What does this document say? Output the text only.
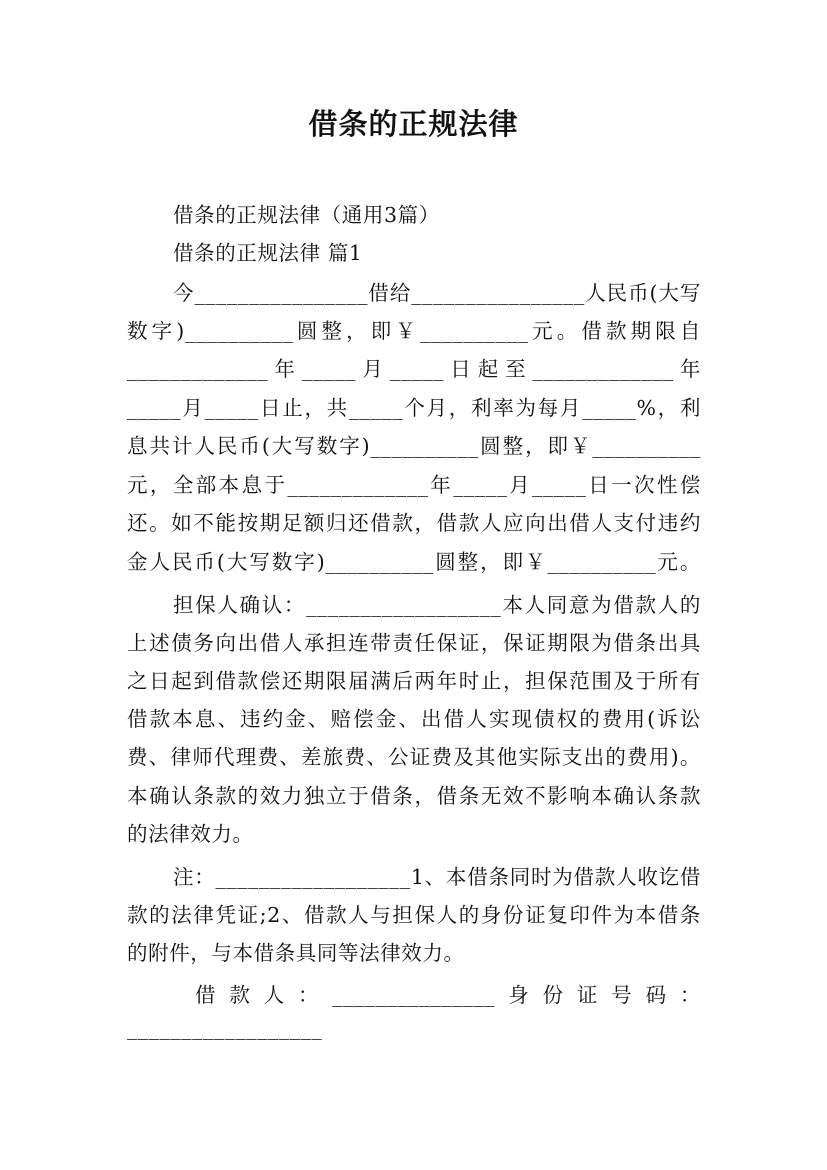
借条的正规法律
借条的正规法律（通用3篇）
借条的正规法律 篇1
今________________借给________________人民币(大写
数字)__________圆整，即￥__________元。借款期限自
_____________年_____月_____日起至_____________年
_____月_____日止，共_____个月，利率为每月_____%，利
息共计人民币(大写数字)__________圆整，即￥__________
元，全部本息于_____________年_____月_____日一次性偿
还。如不能按期足额归还借款，借款人应向出借人支付违约
金人民币(大写数字)__________圆整，即￥__________元。
担保人确认：__________________本人同意为借款人的
上述债务向出借人承担连带责任保证，保证期限为借条出具
之日起到借款偿还期限届满后两年时止，担保范围及于所有
借款本息、违约金、赔偿金、出借人实现债权的费用(诉讼
费、律师代理费、差旅费、公证费及其他实际支出的费用)。
本确认条款的效力独立于借条，借条无效不影响本确认条款
的法律效力。
注：__________________1、本借条同时为借款人收讫借
款的法律凭证;2、借款人与担保人的身份证复印件为本借条
的附件，与本借条具同等法律效力。
借款人：_______________身份证号码：
__________________
